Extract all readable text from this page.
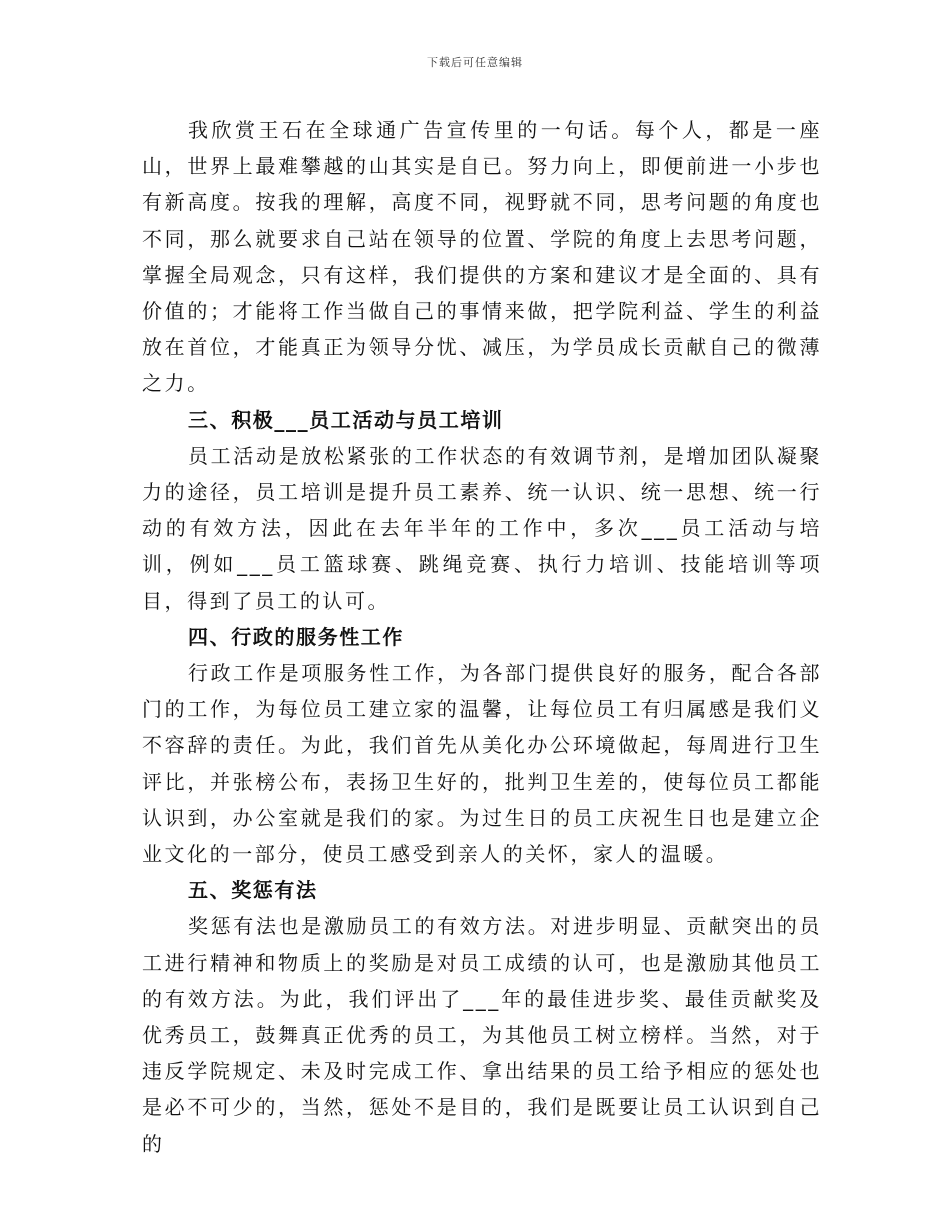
下载后可任意编辑

我欣赏王石在全球通广告宣传里的一句话。每个人，都是一座山，世界上最难攀越的山其实是自已。努力向上，即便前进一小步也有新高度。按我的理解，高度不同，视野就不同，思考问题的角度也不同，那么就要求自己站在领导的位置、学院的角度上去思考问题，掌握全局观念，只有这样，我们提供的方案和建议才是全面的、具有价值的；才能将工作当做自己的事情来做，把学院利益、学生的利益放在首位，才能真正为领导分忧、减压，为学员成长贡献自己的微薄之力。

三、积极___员工活动与员工培训

员工活动是放松紧张的工作状态的有效调节剂，是增加团队凝聚力的途径，员工培训是提升员工素养、统一认识、统一思想、统一行动的有效方法，因此在去年半年的工作中，多次___员工活动与培训，例如___员工篮球赛、跳绳竞赛、执行力培训、技能培训等项目，得到了员工的认可。

四、行政的服务性工作

行政工作是项服务性工作，为各部门提供良好的服务，配合各部门的工作，为每位员工建立家的温馨，让每位员工有归属感是我们义不容辞的责任。为此，我们首先从美化办公环境做起，每周进行卫生评比，并张榜公布，表扬卫生好的，批判卫生差的，使每位员工都能认识到，办公室就是我们的家。为过生日的员工庆祝生日也是建立企业文化的一部分，使员工感受到亲人的关怀，家人的温暖。

五、奖惩有法

奖惩有法也是激励员工的有效方法。对进步明显、贡献突出的员工进行精神和物质上的奖励是对员工成绩的认可，也是激励其他员工的有效方法。为此，我们评出了___年的最佳进步奖、最佳贡献奖及优秀员工，鼓舞真正优秀的员工，为其他员工树立榜样。当然，对于违反学院规定、未及时完成工作、拿出结果的员工给予相应的惩处也是必不可少的，当然，惩处不是目的，我们是既要让员工认识到自己的
